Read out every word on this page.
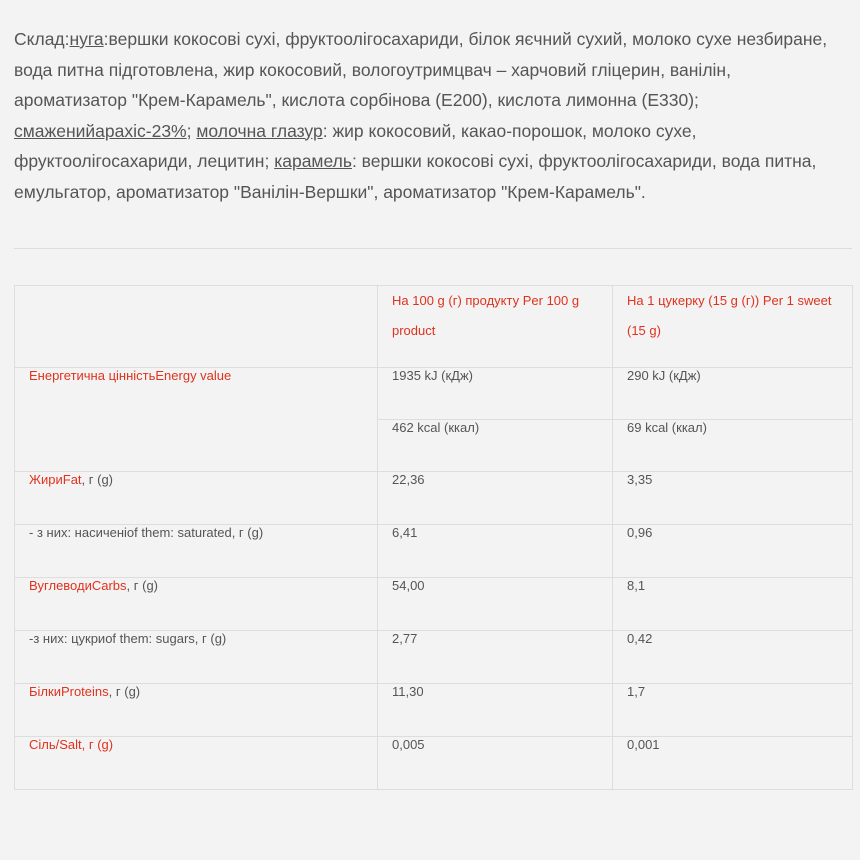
Склад:нуга:вершки кокосові сухі, фруктоолігосахариди, білок яєчний сухий, молоко сухе незбиране, вода питна підготовлена, жир кокосовий, вологоутримцвач – харчовий гліцерин, ванілін, ароматизатор "Крем-Карамель", кислота сорбінова (E200), кислота лимонна (E330); смаженийарахіс-23%; молочна глазур: жир кокосовий, какао-порошок, молоко сухе, фруктоолігосахариди, лецитин; карамель: вершки кокосові сухі, фруктоолігосахариди, вода питна, емульгатор, ароматизатор "Ванілін-Вершки", ароматизатор "Крем-Карамель".

	На 100 g (г) продукту Per 100 g product	На 1 цукерку (15 g (г)) Per 1 sweet (15 g)

Енергетична цінністьEnergy value	1935 kJ (кДж)	290 kJ (кДж)
	462 kcal (ккал)	69 kcal (ккал)
ЖириFat, г (g)	22,36	3,35
- з них: насиченіof them: saturated, г (g)	6,41	0,96
ВуглеводиCarbs, г (g)	54,00	8,1
-з них: цукриof them: sugars, г (g)	2,77	0,42
БілкиProteins, г (g)	11,30	1,7
Сіль/Salt, г (g)	0,005	0,001
